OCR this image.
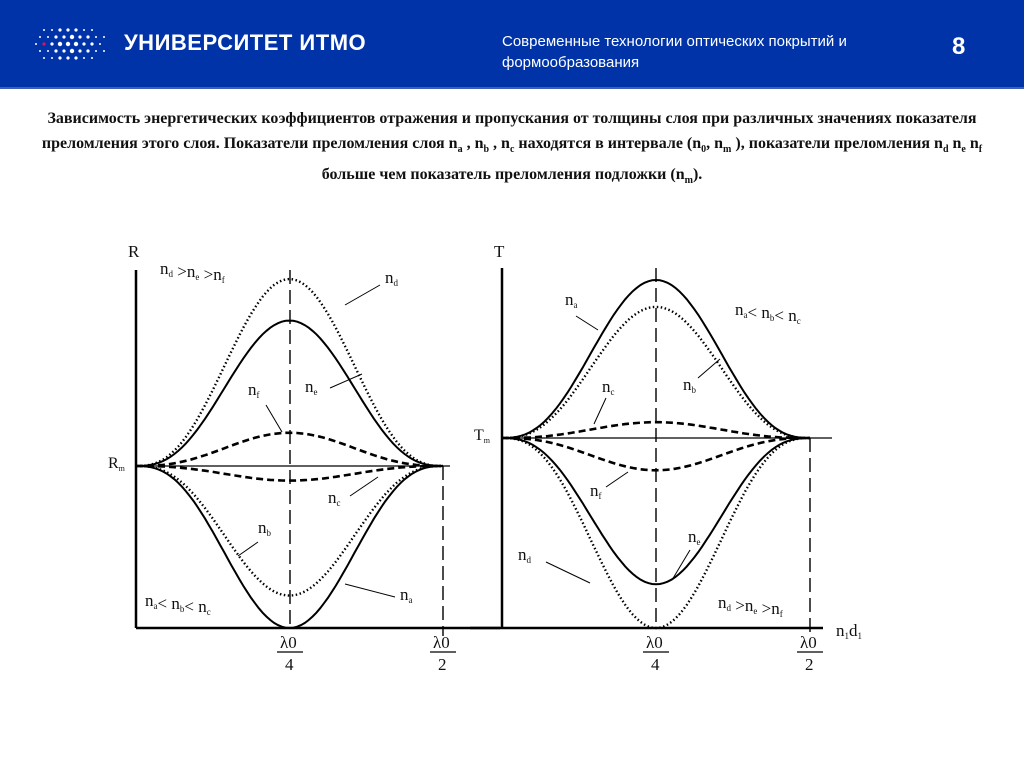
УНИВЕРСИТЕТ ИТМО	Современные технологии оптических покрытий и
формообразования
8
Зависимость энергетических коэффициентов отражения и пропускания от толщины слоя при различных значениях показателя преломления этого слоя. Показатели преломления слоя $n_a$ , $n_b$ , $n_c$ находятся в интервале ($n_0$, $n_m$ ), показатели преломления $n_d$ $n_e$ $n_f$ больше чем показатель преломления подложки $(n_m)$.
R
Rm
λ0
4
λ0
2
T
Tm
λ0
4
λ0
2
nd
ne
nf
nc
nb
na
nd >ne >nf
na< nb< nc
na
nb
nc
nf
ne
nd
na< nb< nc
nd >ne >nf
n1d1
